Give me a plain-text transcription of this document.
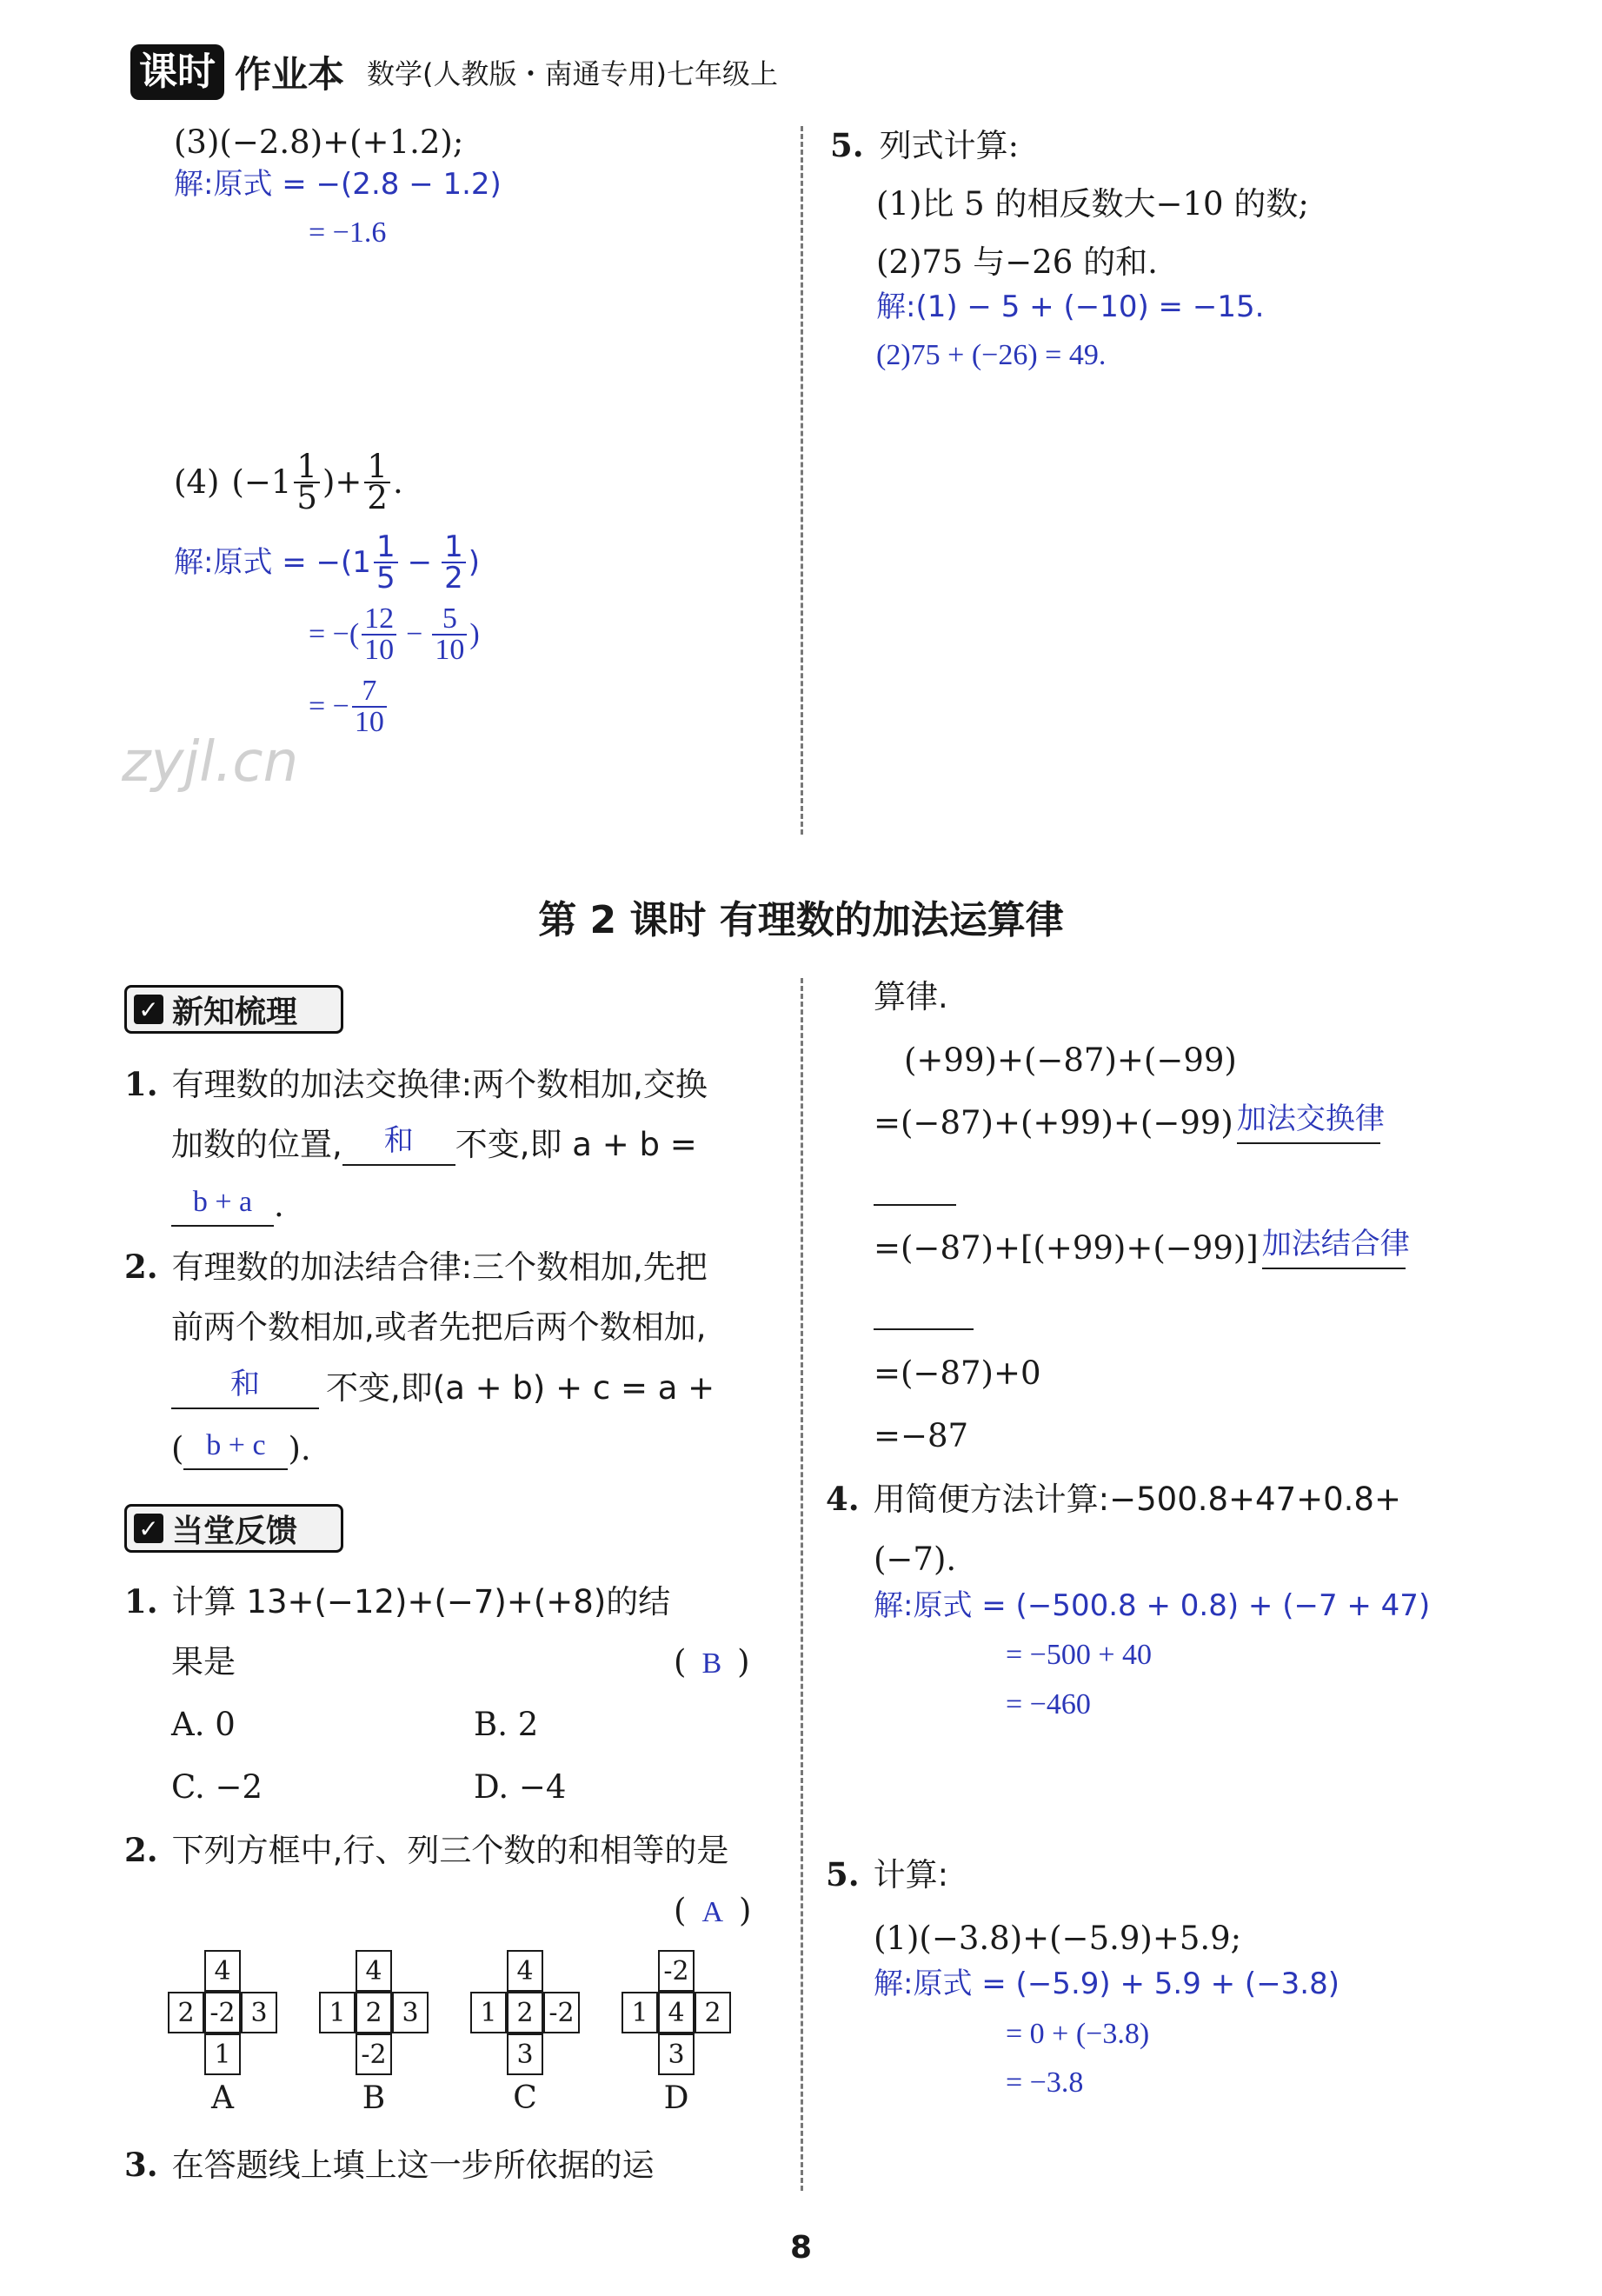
课时 作业本 数学(人教版・南通专用)七年级上
(3)(−2.8)+(+1.2);
解:原式 = −(2.8 − 1.2)
= −1.6
(4) ($-1 \frac{1}{5}$ )+ $\frac{1}{2}$ .
解:原式 = $-(1 \frac{1}{5} - \frac{1}{2}$ )
= −( $\frac{12}{10} - \frac{5}{10}$ )
= − $\frac{7}{10}$
zyjl.cn
5. 列式计算:
(1)比 5 的相反数大−10 的数;
(2)75 与−26 的和.
解:(1) − 5 + (−10) = −15.
(2)75 + (−26) = 49.
第 2 课时 有理数的加法运算律
✓ 新知梳理
1. 有理数的加法交换律:两个数相加,交换
加数的位置, 和 不变,即 a + b =
b + a .
2. 有理数的加法结合律:三个数相加,先把
前两个数相加,或者先把后两个数相加,
和 不变,即(a + b) + c = a +
( b + c ).
✓ 当堂反馈
1. 计算 13+(−12)+(−7)+(+8)的结
果是	( B )
A. 0	B. 2
C. −2	D. −4
2. 下列方框中,行、列三个数的和相等的是
( A )
4
2 -2 3
1
A
4
1 2 3
-2
B
4
1 2 -2
3
C
-2
1 4 2
3
D
3. 在答题线上填上这一步所依据的运
算律.
(+99)+(−87)+(−99)
=(−87)+(+99)+(−99) 加法交换律
=(−87)+[(+99)+(−99)] 加法结合律
=(−87)+0
=−87
4. 用简便方法计算:−500.8+47+0.8+
(−7).
解:原式 = (−500.8 + 0.8) + (−7 + 47)
= −500 + 40
= −460
5. 计算:
(1)(−3.8)+(−5.9)+5.9;
解:原式 = (−5.9) + 5.9 + (−3.8)
= 0 + (−3.8)
= −3.8
8
